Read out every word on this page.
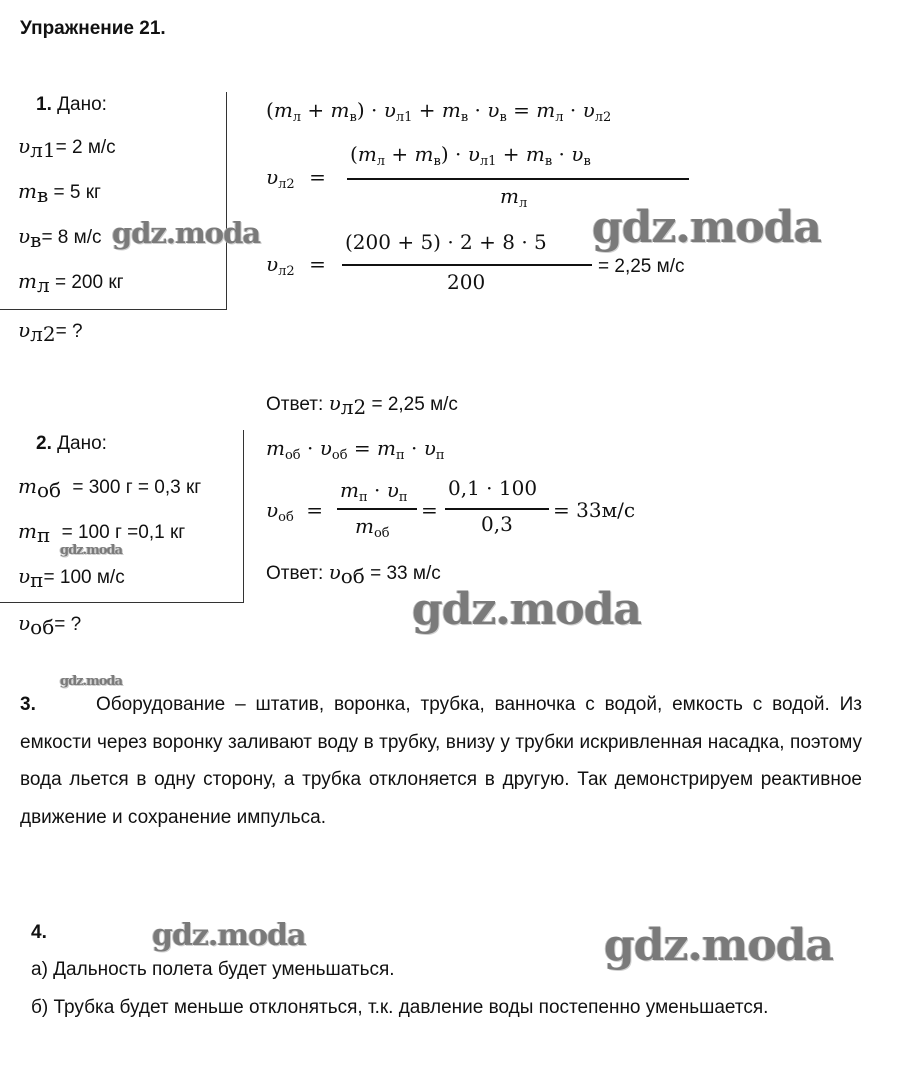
Упражнение 21.
1. Дано:
$\upsilon_{л1}= 2$ м/с
$m_в = 5$ кг
$\upsilon_в= 8$ м/с
$m_л = 200$ кг
$\upsilon_{л2}=$ ?
$(m_л + m_в) \cdot \upsilon_{л1} + m_в \cdot \upsilon_в = m_л \cdot \upsilon_{л2}$
$\upsilon_{л2}$ =
$(m_л + m_в) \cdot \upsilon_{л1} + m_в \cdot \upsilon_в$
$m_л$
$\upsilon_{л2}$ =
(200 + 5) · 2 + 8 · 5
200
= 2,25 м/с
Ответ: $\upsilon_{л2} = 2,25$ м/с
2. Дано:
$m_{об} = 300$ г = 0,3 кг
$m_п = 100$ г =0,1 кг
$\upsilon_п= 100$ м/с
$\upsilon_{об}=$ ?
$m_{об} \cdot \upsilon_{об} = m_п \cdot \upsilon_п$
$\upsilon_{об}$ =
$m_п \cdot \upsilon_п$
$m_{об}$
=
0,1 · 100
0,3
= 33м/с
Ответ: $\upsilon_{об} = 33$ м/с
3.	Оборудование – штатив, воронка, трубка, ванночка с водой, емкость с водой. Из емкости через воронку заливают воду в трубку, внизу у трубки искривленная насадка, поэтому вода льется в одну сторону, а трубка отклоняется в другую. Так демонстрируем реактивное движение и сохранение импульса.
4.
а) Дальность полета будет уменьшаться.
б) Трубка будет меньше отклоняться, т.к. давление воды постепенно уменьшается.
gdz.moda	gdz.moda
gdz.moda
gdz.moda
gdz.moda
gdz.moda	gdz.moda
